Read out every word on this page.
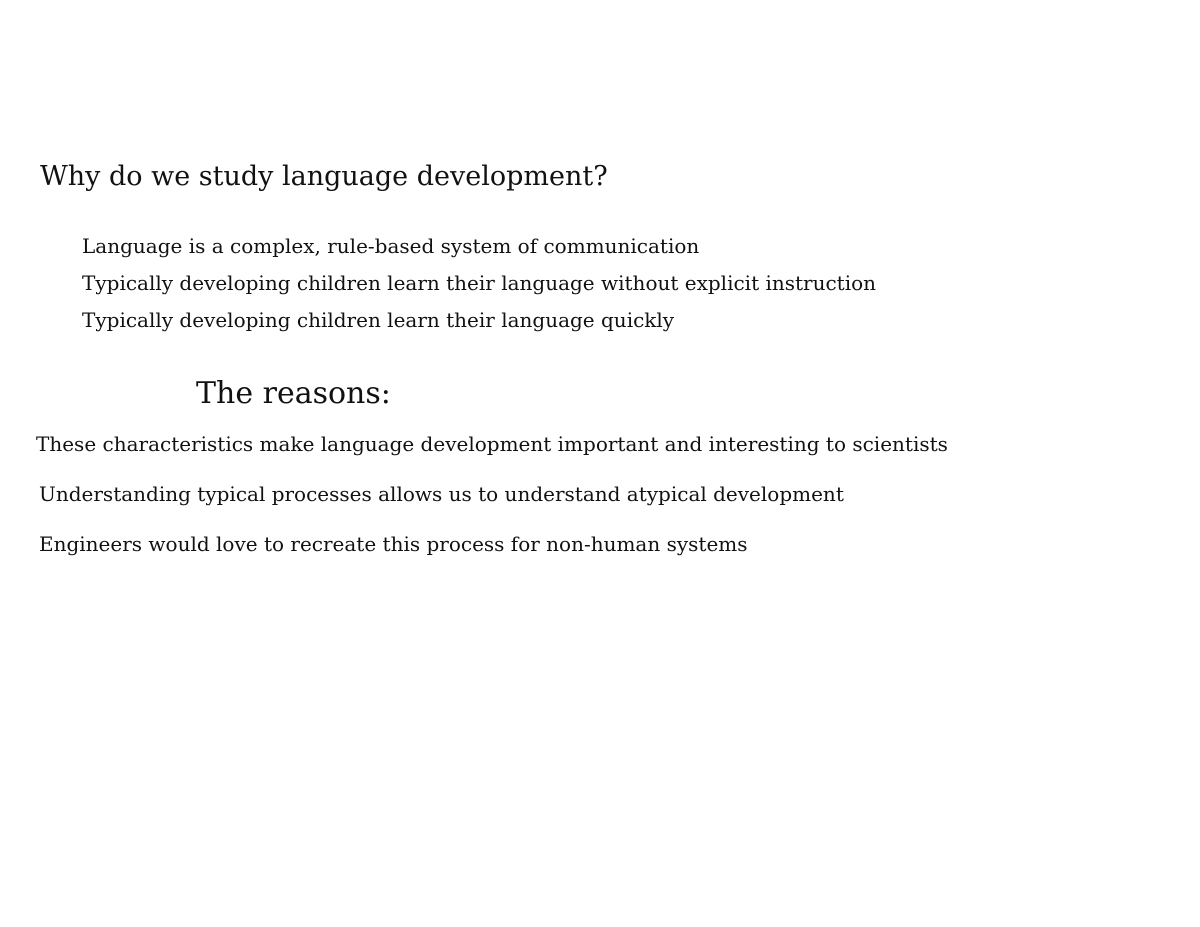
Why do we study language development?
Language is a complex, rule-based system of communication
Typically developing children learn their language without explicit instruction
Typically developing children learn their language quickly
The reasons:
These characteristics make language development important and interesting to scientists
Understanding typical processes allows us to understand atypical development
Engineers would love to recreate this process for non-human systems
